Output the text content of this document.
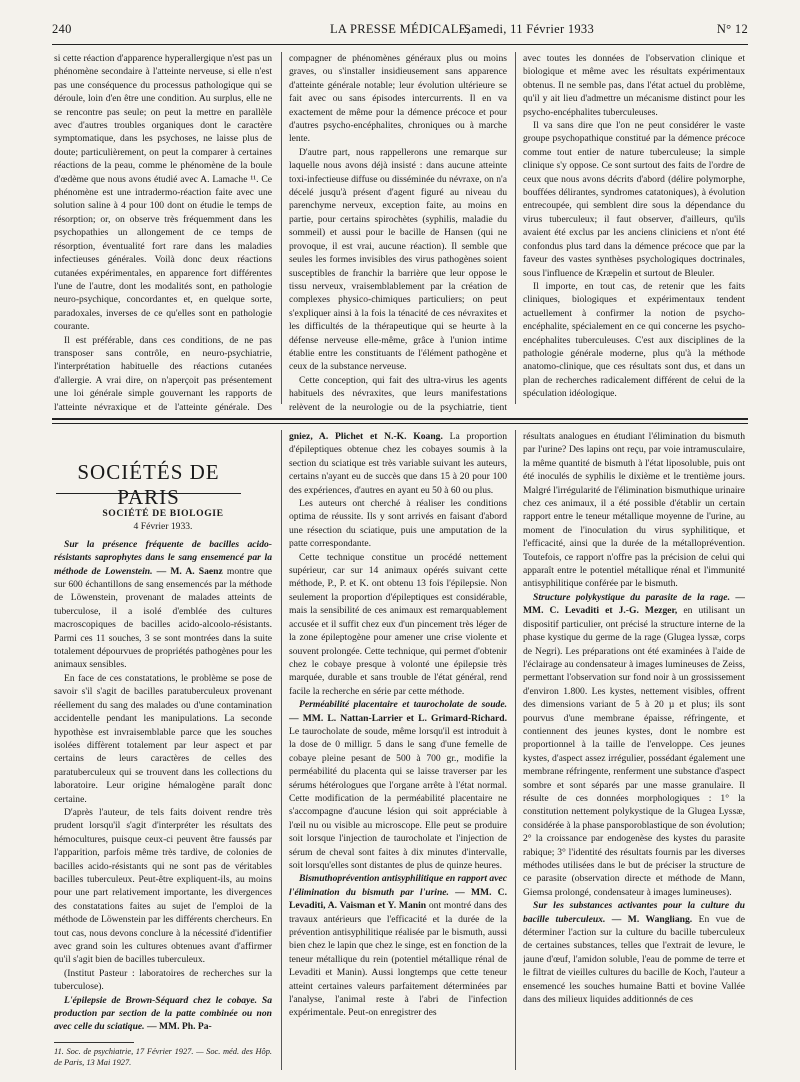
240	LA PRESSE MÉDICALE,
Samedi, 11 Février 1933	N° 12

si cette réaction d'apparence hyperallergique n'est pas un phénomène secondaire à l'atteinte nerveuse, si elle n'est pas une conséquence du processus pathologique qui se déroule, loin d'en être une condition. Au surplus, elle ne se rencontre pas seule; on peut la mettre en parallèle avec d'autres troubles organiques dont le caractère symptomatique, dans les psychoses, ne laisse plus de doute; particulièrement, on peut la comparer à certaines réactions de la peau, comme le phénomène de la boule d'œdème que nous avons étudié avec A. Lamache ¹¹. Ce phénomène est une intradermo-réaction faite avec une solution saline à 4 pour 100 dont on étudie le temps de résorption; or, on observe très fréquemment dans les psychopathies un allongement de ce temps de résorption, éventualité fort rare dans les maladies infectieuses générales. Voilà donc deux réactions cutanées expérimentales, en apparence fort différentes l'une de l'autre, dont les modalités sont, en pathologie neuro-psychique, concordantes et, en quelque sorte, paradoxales, inverses de ce qu'elles sont en pathologie courante.

Il est préférable, dans ces conditions, de ne pas transposer sans contrôle, en neuro-psychiatrie, l'interprétation habituelle des réactions cutanées d'allergie. A vrai dire, on n'aperçoit pas présentement une loi générale simple gouvernant les rapports de l'atteinte névraxique et de l'atteinte générale. Des

compagner de phénomènes généraux plus ou moins graves, ou s'installer insidieusement sans apparence d'atteinte générale notable; leur évolution ultérieure se fait avec ou sans épisodes intercurrents. Il en va exactement de même pour la démence précoce et pour d'autres psycho-encéphalites, chroniques ou à marche lente.

D'autre part, nous rappellerons une remarque sur laquelle nous avons déjà insisté : dans aucune atteinte toxi-infectieuse diffuse ou disséminée du névraxe, on n'a décelé jusqu'à présent d'agent figuré au niveau du parenchyme nerveux, exception faite, au moins en partie, pour certains spirochètes (syphilis, maladie du sommeil) et aussi pour le bacille de Hansen (qui ne provoque, il est vrai, aucune réaction). Il semble que seules les formes invisibles des virus pathogènes soient susceptibles de franchir la barrière que leur oppose le tissu nerveux, vraisemblablement par la création de complexes physico-chimiques particuliers; on peut s'expliquer ainsi à la fois la ténacité de ces névraxites et les difficultés de la thérapeutique qui se heurte à la défense nerveuse elle-même, grâce à l'union intime établie entre les constituants de l'élément pathogène et ceux de la substance nerveuse.

Cette conception, qui fait des ultra-virus les agents habituels des névraxites, que leurs manifestations relèvent de la neurologie ou de la psychiatrie, tient

avec toutes les données de l'observation clinique et biologique et même avec les résultats expérimentaux obtenus. Il ne semble pas, dans l'état actuel du problème, qu'il y ait lieu d'admettre un mécanisme distinct pour les psycho-encéphalites tuberculeuses.

Il va sans dire que l'on ne peut considérer le vaste groupe psychopathique constitué par la démence précoce comme tout entier de nature tuberculeuse; la simple clinique s'y oppose. Ce sont surtout des faits de l'ordre de ceux que nous avons décrits d'abord (délire polymorphe, bouffées délirantes, syndromes catatoniques), à évolution entrecoupée, qui semblent dire sous la dépendance du virus tuberculeux; il faut observer, d'ailleurs, qu'ils avaient été exclus par les anciens cliniciens et n'ont été confondus plus tard dans la démence précoce que par la faveur des vastes synthèses psychologiques doctrinales, sous l'influence de Kræpelin et surtout de Bleuler.

Il importe, en tout cas, de retenir que les faits cliniques, biologiques et expérimentaux tendent actuellement à confirmer la notion de psycho-encéphalite, spécialement en ce qui concerne les psycho-encéphalites tuberculeuses. C'est aux disciplines de la pathologie générale moderne, plus qu'à la méthode anatomo-clinique, que ces résultats sont dus, et dans un plan de recherches radicalement différent de celui de la spéculation idéologique.

SOCIÉTÉS DE PARIS
SOCIÉTÉ DE BIOLOGIE
4 Février 1933.

Sur la présence fréquente de bacilles acido-résistants saprophytes dans le sang ensemencé par la méthode de Lowenstein. — M. A. Saenz montre que sur 600 échantillons de sang ensemencés par la méthode de Löwenstein, provenant de malades atteints de tuberculose, il a isolé d'emblée des cultures macroscopiques de bacilles acido-alcoolo-résistants. Parmi ces 11 souches, 3 se sont montrées dans la suite totalement dépourvues de propriétés pathogènes pour les animaux sensibles.

En face de ces constatations, le problème se pose de savoir s'il s'agit de bacilles paratuberculeux provenant réellement du sang des malades ou d'une contamination accidentelle pendant les manipulations. La seconde hypothèse est invraisemblable parce que les souches isolées diffèrent totalement par leur aspect et par certains de leurs caractères de celles des paratuberculeux qui se trouvent dans les collections du laboratoire. Leur origine hémalogène paraît donc certaine.

D'après l'auteur, de tels faits doivent rendre très prudent lorsqu'il s'agit d'interpréter les résultats des hémocultures, puisque ceux-ci peuvent être faussés par l'apparition, parfois même très tardive, de colonies de bacilles acido-résistants qui ne sont pas de véritables bacilles tuberculeux. Peut-être expliquent-ils, au moins pour une part relativement importante, les divergences des constatations faites au sujet de l'emploi de la méthode de Löwenstein par les différents chercheurs. En tout cas, nous devons conclure à la nécessité d'identifier avec grand soin les cultures obtenues avant d'affirmer qu'il s'agit bien de bacilles tuberculeux.

(Institut Pasteur : laboratoires de recherches sur la tuberculose).

L'épilepsie de Brown-Séquard chez le cobaye. Sa production par section de la patte combinée ou non avec celle du sciatique. — MM. Ph. Pa-

11. Soc. de psychiatrie, 17 Février 1927. — Soc. méd. des Hôp. de Paris, 13 Mai 1927.

gniez, A. Plichet et N.-K. Koang. La proportion d'épileptiques obtenue chez les cobayes soumis à la section du sciatique est très variable suivant les auteurs, certains n'ayant eu de succès que dans 15 à 20 pour 100 des expériences, d'autres en ayant eu 50 à 60 ou plus.

Les auteurs ont cherché à réaliser les conditions optima de réussite. Ils y sont arrivés en faisant d'abord une résection du sciatique, puis une amputation de la patte correspondante.

Cette technique constitue un procédé nettement supérieur, car sur 14 animaux opérés suivant cette méthode, P., P. et K. ont obtenu 13 fois l'épilepsie. Non seulement la proportion d'épileptiques est considérable, mais la sensibilité de ces animaux est remarquablement accusée et il suffit chez eux d'un pincement très léger de la zone épileptogène pour amener une crise violente et souvent prolongée. Cette technique, qui permet d'obtenir chez le cobaye presque à volonté une épilepsie très marquée, durable et sans trouble de l'état général, rend facile la recherche en série par cette méthode.

Perméabilité placentaire et taurocholate de soude. — MM. L. Nattan-Larrier et L. Grimard-Richard. Le taurocholate de soude, même lorsqu'il est introduit à la dose de 0 milligr. 5 dans le sang d'une femelle de cobaye pleine pesant de 500 à 700 gr., modifie la perméabilité du placenta qui se laisse traverser par les sérums hétérologues que l'organe arrête à l'état normal. Cette modification de la perméabilité placentaire ne s'accompagne d'aucune lésion qui soit appréciable à l'œil nu ou visible au microscope. Elle peut se produire soit lorsque l'injection de taurocholate et l'injection de sérum de cheval sont faites à dix minutes d'intervalle, soit lorsqu'elles sont distantes de plus de quinze heures.

Bismuthoprévention antisyphilitique en rapport avec l'élimination du bismuth par l'urine. — MM. C. Levaditi, A. Vaisman et Y. Manin ont montré dans des travaux antérieurs que l'efficacité et la durée de la prévention antisyphilitique réalisée par le bismuth, aussi bien chez le lapin que chez le singe, est en fonction de la teneur métallique du rein (potentiel métallique rénal de Levaditi et Manin). Aussi longtemps que cette teneur atteint certaines valeurs parfaitement déterminées par l'analyse, l'animal reste à l'abri de l'infection expérimentale. Peut-on enregistrer des

résultats analogues en étudiant l'élimination du bismuth par l'urine? Des lapins ont reçu, par voie intramusculaire, la même quantité de bismuth à l'état liposoluble, puis ont été inoculés de syphilis le dixième et le trentième jours. Malgré l'irrégularité de l'élimination bismuthique urinaire chez ces animaux, il a été possible d'établir un certain rapport entre le teneur métallique moyenne de l'urine, au moment de l'inoculation du virus syphilitique, et l'efficacité, ainsi que la durée de la métalloprévention. Toutefois, ce rapport n'offre pas la précision de celui qui apparaît entre le potentiel métallique rénal et l'immunité antisyphilitique conférée par le bismuth.

Structure polykystique du parasite de la rage. — MM. C. Levaditi et J.-G. Mezger, en utilisant un dispositif particulier, ont précisé la structure interne de la phase kystique du germe de la rage (Glugea lyssæ, corps de Negri). Les préparations ont été examinées à l'aide de l'éclairage au condensateur à images lumineuses de Zeiss, permettant l'observation sur fond noir à un grossissement d'environ 1.800. Les kystes, nettement visibles, offrent des dimensions variant de 5 à 20 µ et plus; ils sont pourvus d'une membrane épaisse, réfringente, et contiennent des jeunes kystes, dont le nombre est proportionnel à la taille de l'enveloppe. Ces jeunes kystes, d'aspect assez irrégulier, possédant également une membrane réfringente, renferment une substance d'aspect sombre et sont séparés par une masse granulaire. Il résulte de ces données morphologiques : 1° la constitution nettement polykystique de la Glugea Lyssæ, considérée à la phase pansporoblastique de son évolution; 2° la croissance par endogenèse des kystes du parasite rabique; 3° l'identité des résultats fournis par les diverses méthodes utilisées dans le but de préciser la structure de ce parasite (observation directe et méthode de Mann, Giemsa prolongé, condensateur à images lumineuses).

Sur les substances activantes pour la culture du bacille tuberculeux. — M. Wangliang. En vue de déterminer l'action sur la culture du bacille tuberculeux de certaines substances, telles que l'extrait de levure, le jaune d'œuf, l'amidon soluble, l'eau de pomme de terre et le filtrat de vieilles cultures du bacille de Koch, l'auteur a ensemencé les souches humaine Batti et bovine Vallée dans des milieux liquides additionnés de ces
